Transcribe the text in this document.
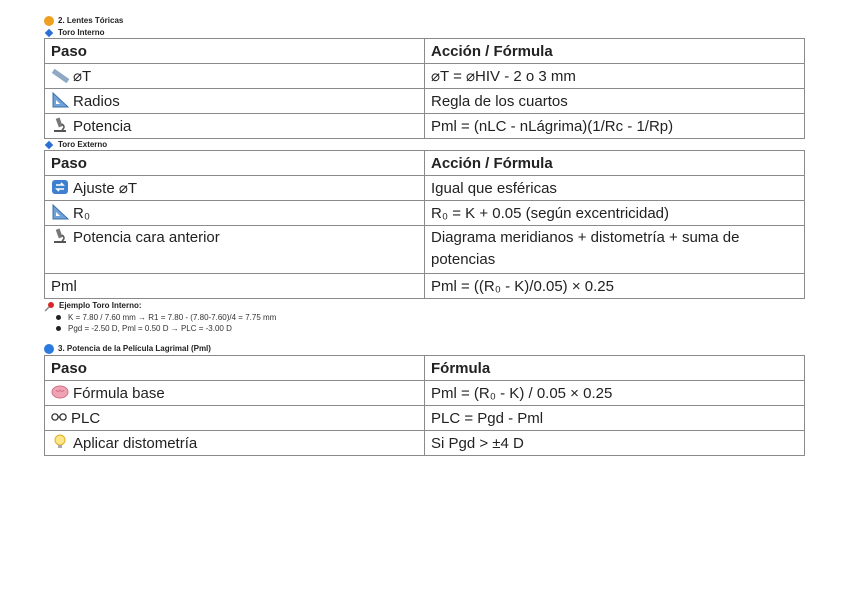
2. Lentes Tóricas
Toro Interno
Paso	Acción / Fórmula
⌀T	⌀T = ⌀HIV - 2 o 3 mm
Radios	Regla de los cuartos
Potencia	Pml = (nLC - nLágrima)(1/Rc - 1/Rp)
Toro Externo
Paso	Acción / Fórmula
Ajuste ⌀T	Igual que esféricas
R₀	R₀ = K + 0.05 (según excentricidad)
Potencia cara anterior	Diagrama meridianos + distometría + suma de potencias
Pml	Pml = ((R₀ - K)/0.05) × 0.25
Ejemplo Toro Interno:
K = 7.80 / 7.60 mm → R1 = 7.80 - (7.80-7.60)/4 = 7.75 mm
Pgd = -2.50 D, Pml = 0.50 D → PLC = -3.00 D
3. Potencia de la Película Lagrimal (Pml)
Paso	Fórmula
Fórmula base	Pml = (R₀ - K) / 0.05 × 0.25
PLC	PLC = Pgd - Pml
Aplicar distometría	Si Pgd > ±4 D
